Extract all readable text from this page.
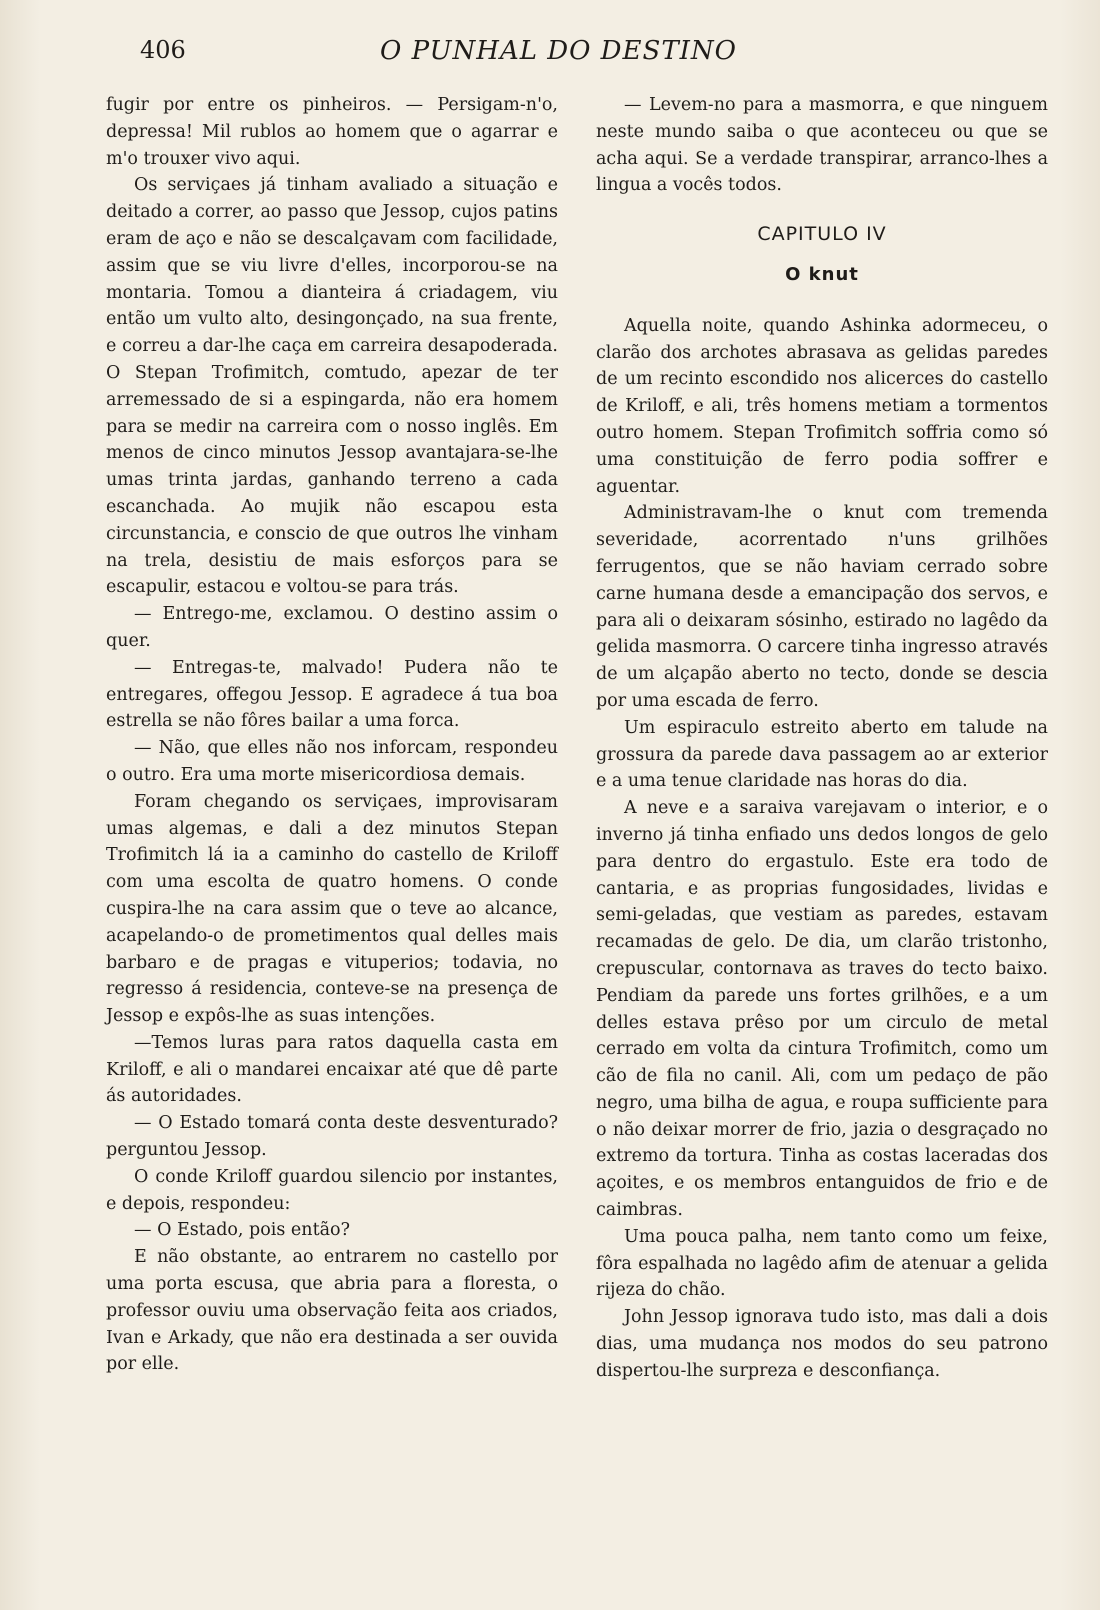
406	O PUNHAL DO DESTINO

fugir por entre os pinheiros. — Persigam-n'o, depressa! Mil rublos ao homem que o agarrar e m'o trouxer vivo aqui.

Os serviçaes já tinham avaliado a situação e deitado a correr, ao passo que Jessop, cujos patins eram de aço e não se descalçavam com facilidade, assim que se viu livre d'elles, incorporou-se na montaria. Tomou a dianteira á criadagem, viu então um vulto alto, desingonçado, na sua frente, e correu a dar-lhe caça em carreira desapoderada. O Stepan Trofimitch, comtudo, apezar de ter arremessado de si a espingarda, não era homem para se medir na carreira com o nosso inglês. Em menos de cinco minutos Jessop avantajara-se-lhe umas trinta jardas, ganhando terreno a cada escanchada. Ao mujik não escapou esta circunstancia, e conscio de que outros lhe vinham na trela, desistiu de mais esforços para se escapulir, estacou e voltou-se para trás.

— Entrego-me, exclamou. O destino assim o quer.

— Entregas-te, malvado! Pudera não te entregares, offegou Jessop. E agradece á tua boa estrella se não fôres bailar a uma forca.

— Não, que elles não nos inforcam, respondeu o outro. Era uma morte misericordiosa demais.

Foram chegando os serviçaes, improvisaram umas algemas, e dali a dez minutos Stepan Trofimitch lá ia a caminho do castello de Kriloff com uma escolta de quatro homens. O conde cuspira-lhe na cara assim que o teve ao alcance, acapelando-o de prometimentos qual delles mais barbaro e de pragas e vituperios; todavia, no regresso á residencia, conteve-se na presença de Jessop e expôs-lhe as suas intenções.

—Temos luras para ratos daquella casta em Kriloff, e ali o mandarei encaixar até que dê parte ás autoridades.

— O Estado tomará conta deste desventurado? perguntou Jessop.

O conde Kriloff guardou silencio por instantes, e depois, respondeu:

— O Estado, pois então?

E não obstante, ao entrarem no castello por uma porta escusa, que abria para a floresta, o professor ouviu uma observação feita aos criados, Ivan e Arkady, que não era destinada a ser ouvida por elle.

— Levem-no para a masmorra, e que ninguem neste mundo saiba o que aconteceu ou que se acha aqui. Se a verdade transpirar, arranco-lhes a lingua a vocês todos.

CAPITULO IV
O knut

Aquella noite, quando Ashinka adormeceu, o clarão dos archotes abrasava as gelidas paredes de um recinto escondido nos alicerces do castello de Kriloff, e ali, três homens metiam a tormentos outro homem. Stepan Trofimitch soffria como só uma constituição de ferro podia soffrer e aguentar.

Administravam-lhe o knut com tremenda severidade, acorrentado n'uns grilhões ferrugentos, que se não haviam cerrado sobre carne humana desde a emancipação dos servos, e para ali o deixaram sósinho, estirado no lagêdo da gelida masmorra. O carcere tinha ingresso através de um alçapão aberto no tecto, donde se descia por uma escada de ferro.

Um espiraculo estreito aberto em talude na grossura da parede dava passagem ao ar exterior e a uma tenue claridade nas horas do dia.

A neve e a saraiva varejavam o interior, e o inverno já tinha enfiado uns dedos longos de gelo para dentro do ergastulo. Este era todo de cantaria, e as proprias fungosidades, lividas e semi-geladas, que vestiam as paredes, estavam recamadas de gelo. De dia, um clarão tristonho, crepuscular, contornava as traves do tecto baixo. Pendiam da parede uns fortes grilhões, e a um delles estava prêso por um circulo de metal cerrado em volta da cintura Trofimitch, como um cão de fila no canil. Ali, com um pedaço de pão negro, uma bilha de agua, e roupa sufficiente para o não deixar morrer de frio, jazia o desgraçado no extremo da tortura. Tinha as costas laceradas dos açoites, e os membros entanguidos de frio e de caimbras.

Uma pouca palha, nem tanto como um feixe, fôra espalhada no lagêdo afim de atenuar a gelida rijeza do chão.

John Jessop ignorava tudo isto, mas dali a dois dias, uma mudança nos modos do seu patrono dispertou-lhe surpreza e desconfiança.
